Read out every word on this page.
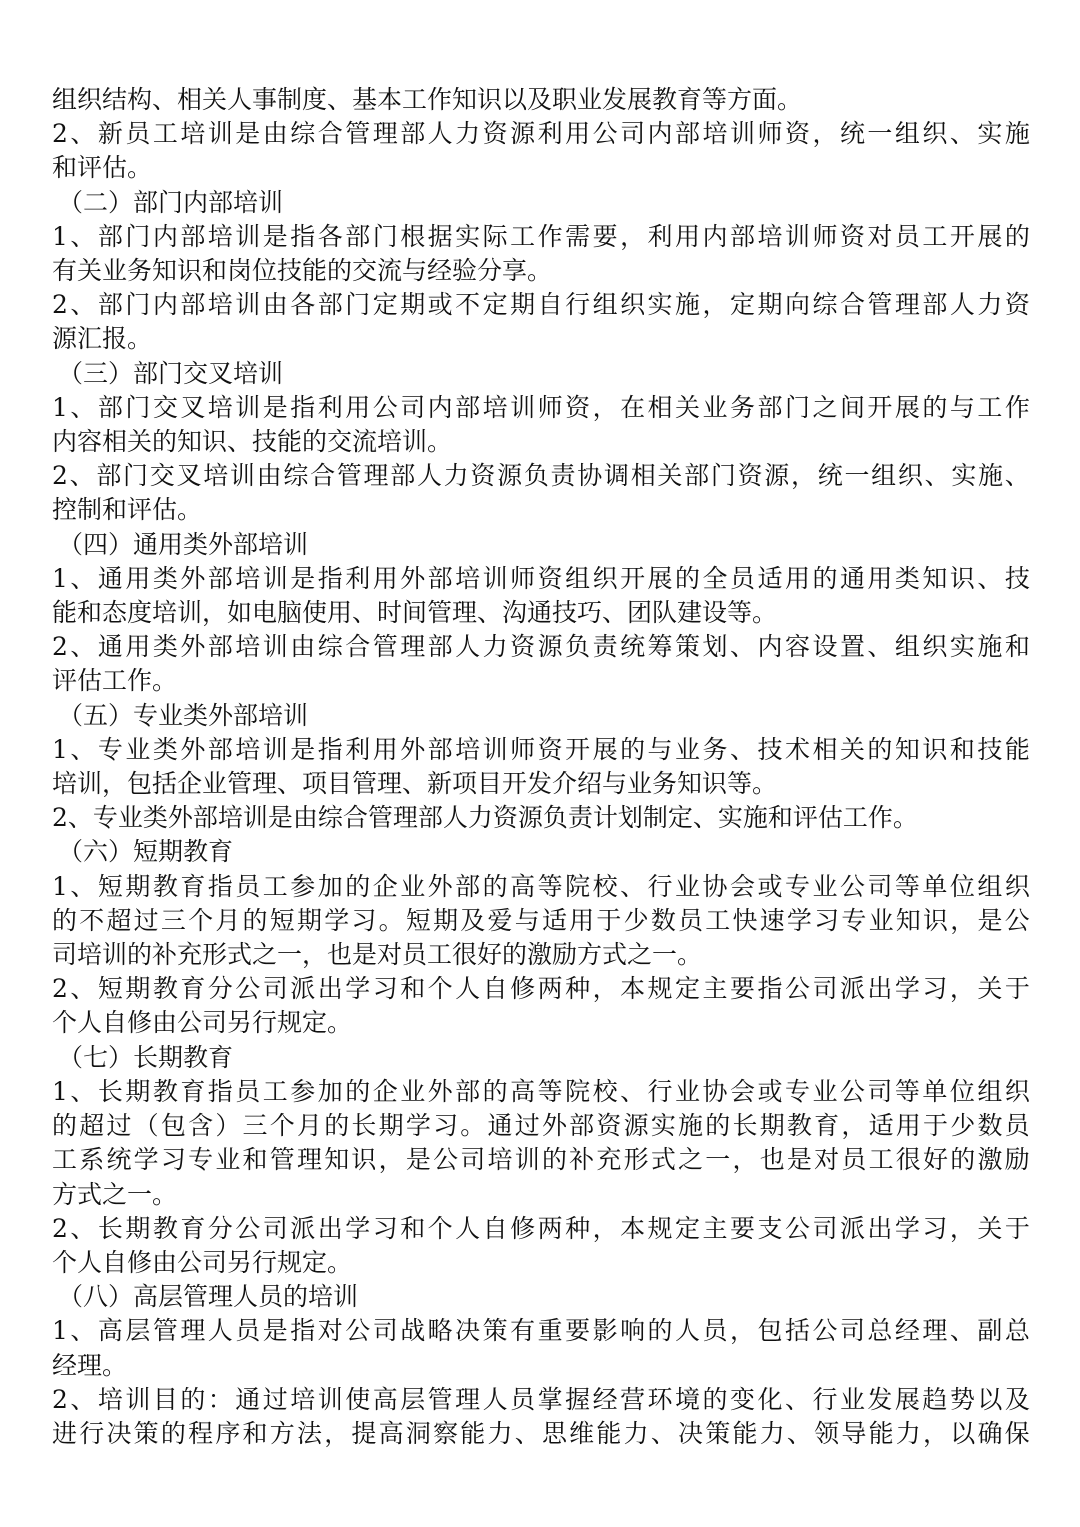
组织结构、相关人事制度、基本工作知识以及职业发展教育等方面。
2 、 新 员 工 培 训 是 由 综 合 管 理 部 人 力 资 源 利 用 公 司 内 部 培 训 师 资 ， 统 一 组 织 、 实 施
和评估。
（二）部门内部培训
1 、 部 门 内 部 培 训 是 指 各 部 门 根 据 实 际 工 作 需 要 ， 利 用 内 部 培 训 师 资 对 员 工 开 展 的
有关业务知识和岗位技能的交流与经验分享。
2 、 部 门 内 部 培 训 由 各 部 门 定 期 或 不 定 期 自 行 组 织 实 施 ， 定 期 向 综 合 管 理 部 人 力 资
源汇报。
（三）部门交叉培训
1 、 部 门 交 叉 培 训 是 指 利 用 公 司 内 部 培 训 师 资 ， 在 相 关 业 务 部 门 之 间 开 展 的 与 工 作
内容相关的知识、技能的交流培训。
2 、 部 门 交 叉 培 训 由 综 合 管 理 部 人 力 资 源 负 责 协 调 相 关 部 门 资 源 ， 统 一 组 织 、 实 施 、
控制和评估。
（四）通用类外部培训
1 、 通 用 类 外 部 培 训 是 指 利 用 外 部 培 训 师 资 组 织 开 展 的 全 员 适 用 的 通 用 类 知 识 、 技
能和态度培训，如电脑使用、时间管理、沟通技巧、团队建设等。
2 、 通 用 类 外 部 培 训 由 综 合 管 理 部 人 力 资 源 负 责 统 筹 策 划 、 内 容 设 置 、 组 织 实 施 和
评估工作。
（五）专业类外部培训
1 、 专 业 类 外 部 培 训 是 指 利 用 外 部 培 训 师 资 开 展 的 与 业 务 、 技 术 相 关 的 知 识 和 技 能
培训，包括企业管理、项目管理、新项目开发介绍与业务知识等。
2、专业类外部培训是由综合管理部人力资源负责计划制定、实施和评估工作。
（六）短期教育
1 、 短 期 教 育 指 员 工 参 加 的 企 业 外 部 的 高 等 院 校 、 行 业 协 会 或 专 业 公 司 等 单 位 组 织
的 不 超 过 三 个 月 的 短 期 学 习 。 短 期 及 爱 与 适 用 于 少 数 员 工 快 速 学 习 专 业 知 识 ， 是 公
司培训的补充形式之一，也是对员工很好的激励方式之一。
2 、 短 期 教 育 分 公 司 派 出 学 习 和 个 人 自 修 两 种 ， 本 规 定 主 要 指 公 司 派 出 学 习 ， 关 于
个人自修由公司另行规定。
（七）长期教育
1 、 长 期 教 育 指 员 工 参 加 的 企 业 外 部 的 高 等 院 校 、 行 业 协 会 或 专 业 公 司 等 单 位 组 织
的 超 过 （ 包 含 ） 三 个 月 的 长 期 学 习 。 通 过 外 部 资 源 实 施 的 长 期 教 育 ， 适 用 于 少 数 员
工 系 统 学 习 专 业 和 管 理 知 识 ， 是 公 司 培 训 的 补 充 形 式 之 一 ， 也 是 对 员 工 很 好 的 激 励
方式之一。
2 、 长 期 教 育 分 公 司 派 出 学 习 和 个 人 自 修 两 种 ， 本 规 定 主 要 支 公 司 派 出 学 习 ， 关 于
个人自修由公司另行规定。
（八）高层管理人员的培训
1 、 高 层 管 理 人 员 是 指 对 公 司 战 略 决 策 有 重 要 影 响 的 人 员 ， 包 括 公 司 总 经 理 、 副 总
经理。
2 、 培 训 目 的 ： 通 过 培 训 使 高 层 管 理 人 员 掌 握 经 营 环 境 的 变 化 、 行 业 发 展 趋 势 以 及
进 行 决 策 的 程 序 和 方 法 ， 提 高 洞 察 能 力 、 思 维 能 力 、 决 策 能 力 、 领 导 能 力 ， 以 确 保
